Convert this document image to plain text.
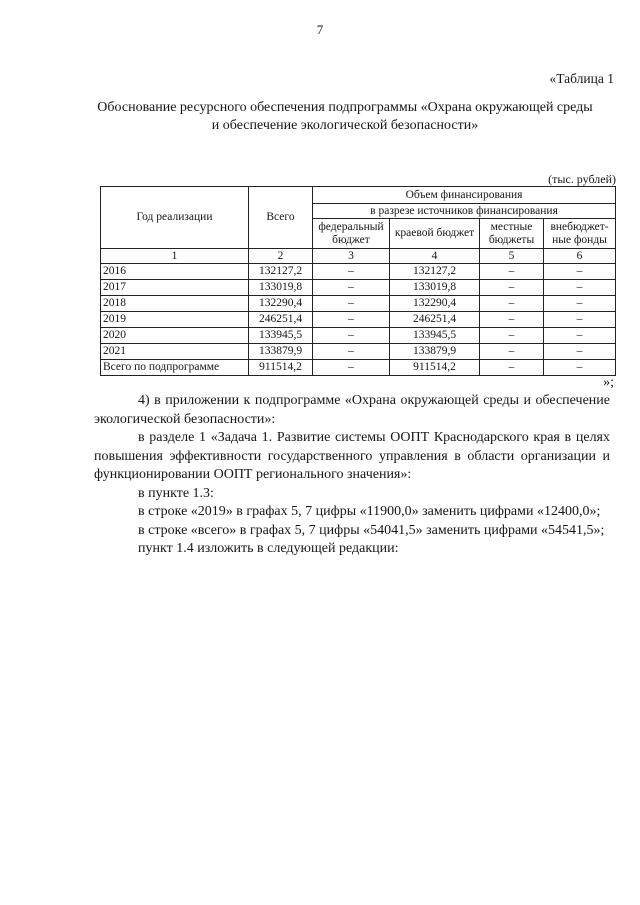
7
«Таблица 1
Обоснование ресурсного обеспечения подпрограммы «Охрана окружающей среды и обеспечение экологической безопасности»
(тыс. рублей)
Год реализации	Всего	Объем финансирования			
		в разрезе источников финансирования			
		федеральный бюджет	краевой бюджет	местные бюджеты	внебюджет-ные фонды
1	2	3	4	5	6
2016	132127,2	–	132127,2	–	–
2017	133019,8	–	133019,8	–	–
2018	132290,4	–	132290,4	–	–
2019	246251,4	–	246251,4	–	–
2020	133945,5	–	133945,5	–	–
2021	133879,9	–	133879,9	–	–
Всего по подпрограмме	911514,2	–	911514,2	–	–
»;

4) в приложении к подпрограмме «Охрана окружающей среды и обеспечение экологической безопасности»:

в разделе 1 «Задача 1. Развитие системы ООПТ Краснодарского края в целях повышения эффективности государственного управления в области организации и функционировании ООПТ регионального значения»:

в пункте 1.3:

в строке «2019» в графах 5, 7 цифры «11900,0» заменить цифрами «12400,0»;

в строке «всего» в графах 5, 7 цифры «54041,5» заменить цифрами «54541,5»;

пункт 1.4 изложить в следующей редакции:
